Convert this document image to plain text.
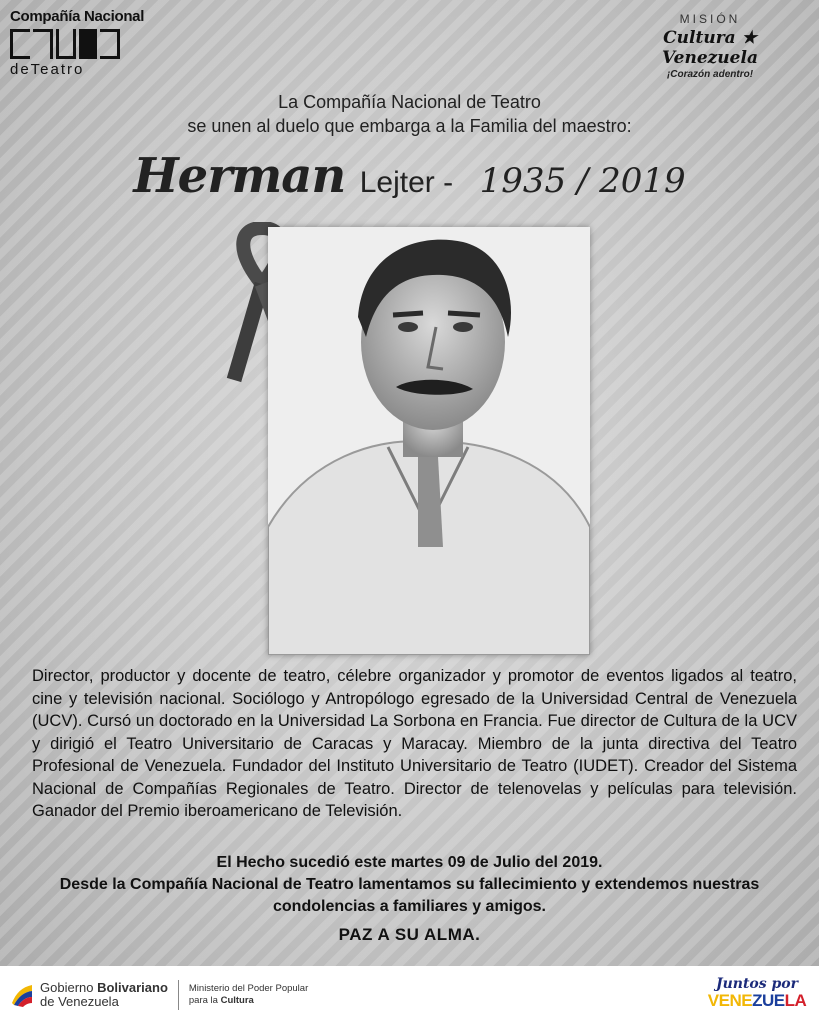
Compañía Nacional
deTeatro
MISIÓN
Cultura ★ Venezuela
¡Corazón adentro!
La Compañía Nacional de Teatro
se unen al duelo que embarga a la Familia del maestro:
Herman Lejter - 1935 / 2019
Director, productor y docente de teatro, célebre organizador y promotor de eventos ligados al teatro, cine y televisión nacional. Sociólogo y Antropólogo egresado de la Universidad Central de Venezuela (UCV). Cursó un doctorado en la Universidad La Sorbona en Francia. Fue director de Cultura de la UCV y dirigió el Teatro Universitario de Caracas y Maracay. Miembro de la junta directiva del Teatro Profesional de Venezuela. Fundador del Instituto Universitario de Teatro (IUDET). Creador del Sistema Nacional de Compañías Regionales de Teatro. Director de telenovelas y películas para televisión. Ganador del Premio iberoamericano de Televisión.
El Hecho sucedió este martes 09 de Julio del 2019.
Desde la Compañía Nacional de Teatro lamentamos su fallecimiento y extendemos nuestras condolencias a familiares y amigos.
PAZ A SU ALMA.
Gobierno Bolivariano
de Venezuela
Ministerio del Poder Popular
para la Cultura
Juntos por
VENEZUELA
